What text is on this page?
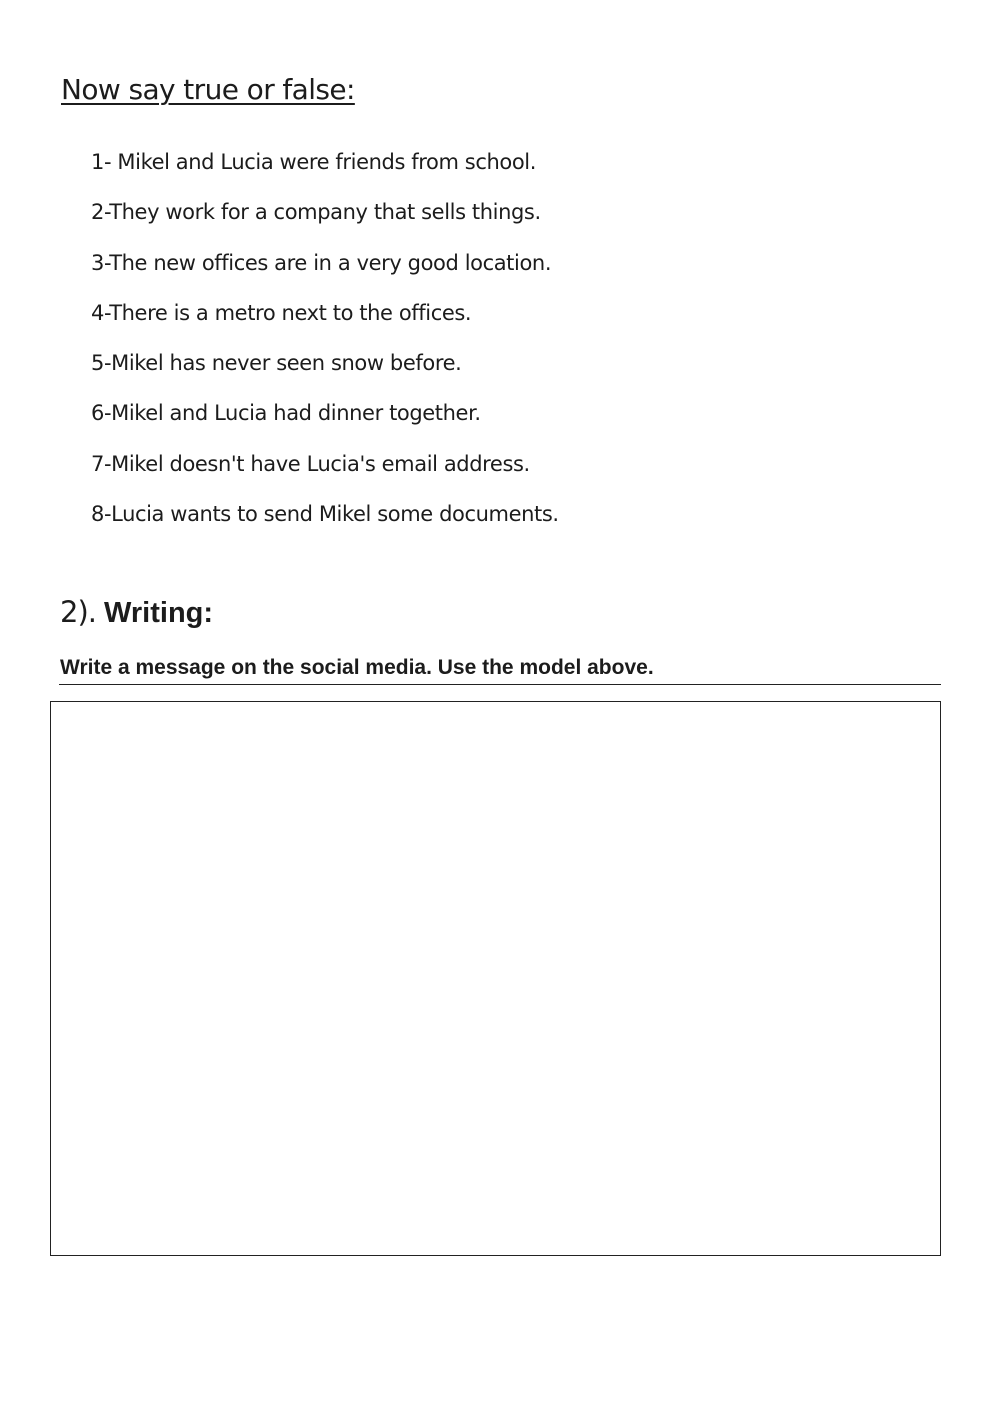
Now say true or false:
1- Mikel and Lucia were friends from school.
2-They work for a company that sells things.
3-The new offices are in a very good location.
4-There is a metro next to the offices.
5-Mikel has never seen snow before.
6-Mikel and Lucia had dinner together.
7-Mikel doesn't have Lucia's email address.
8-Lucia wants to send Mikel some documents.
2). Writing:

Write a message on the social media. Use the model above.
